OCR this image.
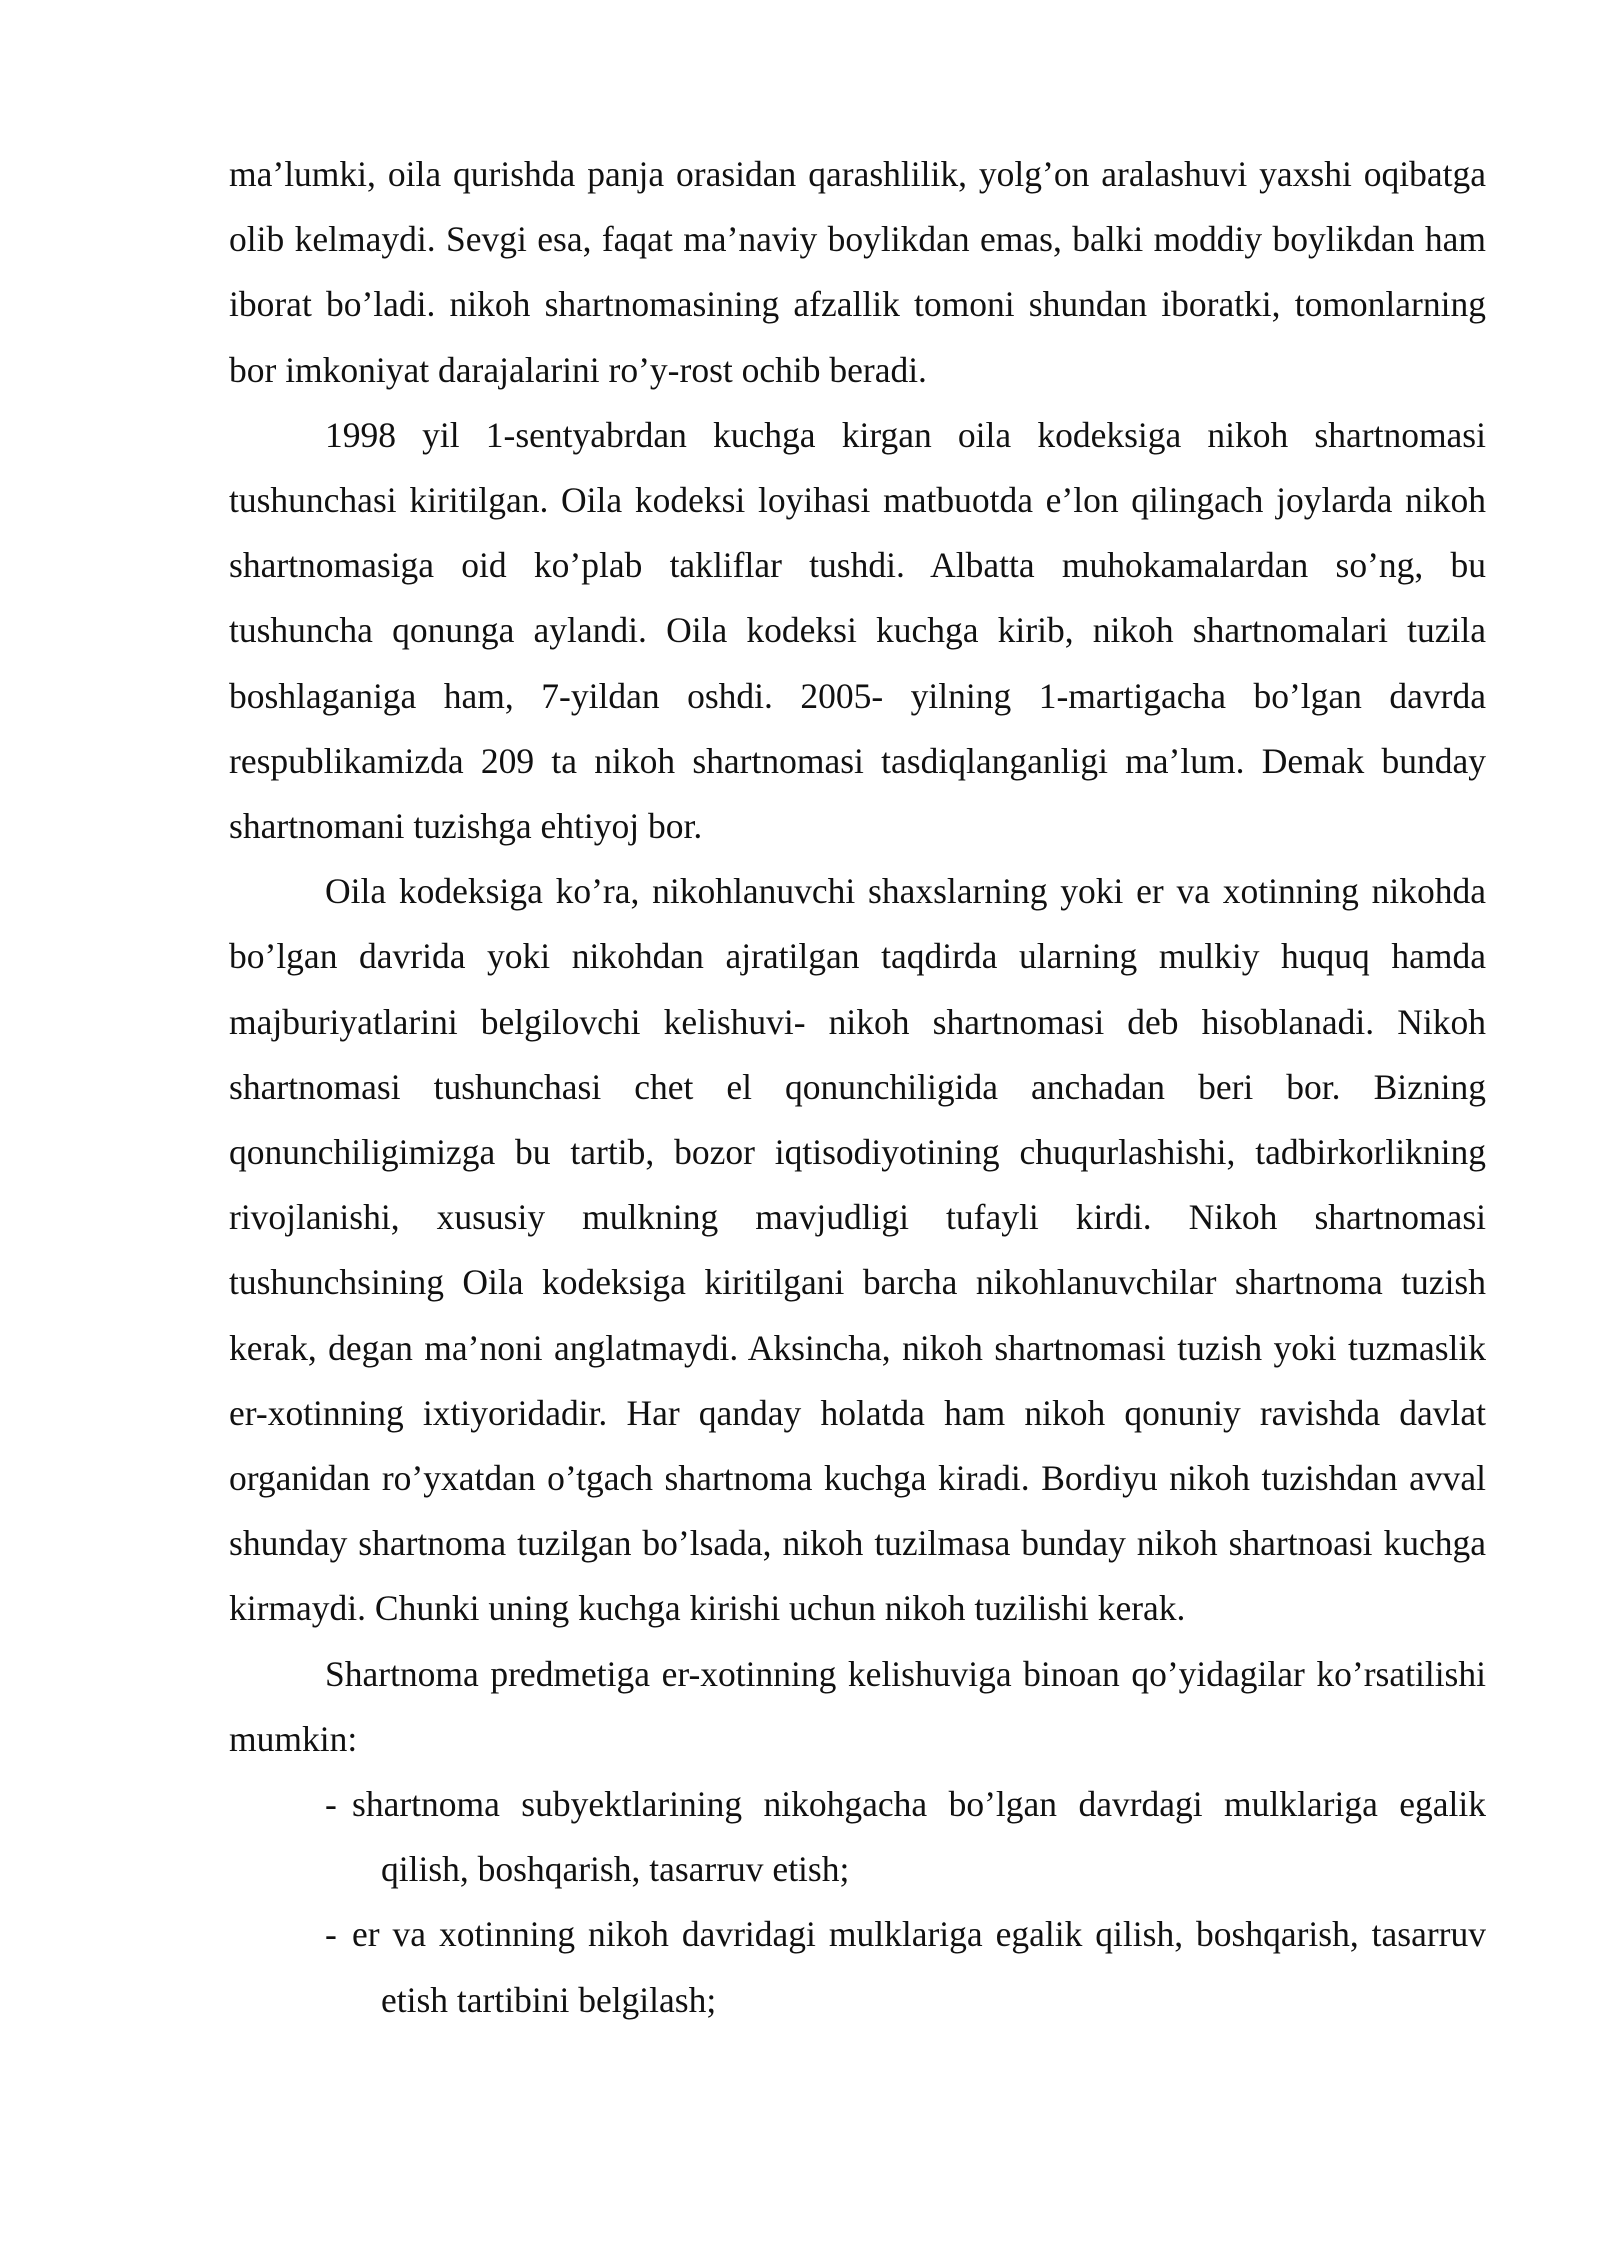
ma’lumki, oila qurishda panja orasidan qarashlilik, yolg’on aralashuvi yaxshi oqibatga olib kelmaydi. Sevgi esa, faqat ma’naviy boylikdan emas, balki moddiy boylikdan ham iborat bo’ladi. nikoh shartnomasining afzallik tomoni shundan iboratki, tomonlarning bor imkoniyat darajalarini ro’y-rost ochib beradi.

1998 yil 1-sentyabrdan kuchga kirgan oila kodeksiga nikoh shartnomasi tushunchasi kiritilgan. Oila kodeksi loyihasi matbuotda e’lon qilingach joylarda nikoh shartnomasiga oid ko’plab takliflar tushdi. Albatta muhokamalardan so’ng, bu tushuncha qonunga aylandi. Oila kodeksi kuchga kirib, nikoh shartnomalari tuzila boshlaganiga ham, 7-yildan oshdi. 2005- yilning 1-martigacha bo’lgan davrda respublikamizda 209 ta nikoh shartnomasi tasdiqlanganligi ma’lum. Demak bunday shartnomani tuzishga ehtiyoj bor.

Oila kodeksiga ko’ra, nikohlanuvchi shaxslarning yoki er va xotinning nikohda bo’lgan davrida yoki nikohdan ajratilgan taqdirda ularning mulkiy huquq hamda majburiyatlarini belgilovchi kelishuvi- nikoh shartnomasi deb hisoblanadi. Nikoh shartnomasi tushunchasi chet el qonunchiligida anchadan beri bor. Bizning qonunchiligimizga bu tartib, bozor iqtisodiyotining chuqurlashishi, tadbirkorlikning rivojlanishi, xususiy mulkning mavjudligi tufayli kirdi. Nikoh shartnomasi tushunchsining Oila kodeksiga kiritilgani barcha nikohlanuvchilar shartnoma tuzish kerak, degan ma’noni anglatmaydi. Aksincha, nikoh shartnomasi tuzish yoki tuzmaslik er-xotinning ixtiyoridadir. Har qanday holatda ham nikoh qonuniy ravishda davlat organidan ro’yxatdan o’tgach shartnoma kuchga kiradi. Bordiyu nikoh tuzishdan avval shunday shartnoma tuzilgan bo’lsada, nikoh tuzilmasa bunday nikoh shartnoasi kuchga kirmaydi. Chunki uning kuchga kirishi uchun nikoh tuzilishi kerak.

Shartnoma predmetiga er-xotinning kelishuviga binoan qo’yidagilar ko’rsatilishi mumkin:

- shartnoma subyektlarining nikohgacha bo’lgan davrdagi mulklariga egalik qilish, boshqarish, tasarruv etish;
- er va xotinning nikoh davridagi mulklariga egalik qilish, boshqarish, tasarruv etish tartibini belgilash;
